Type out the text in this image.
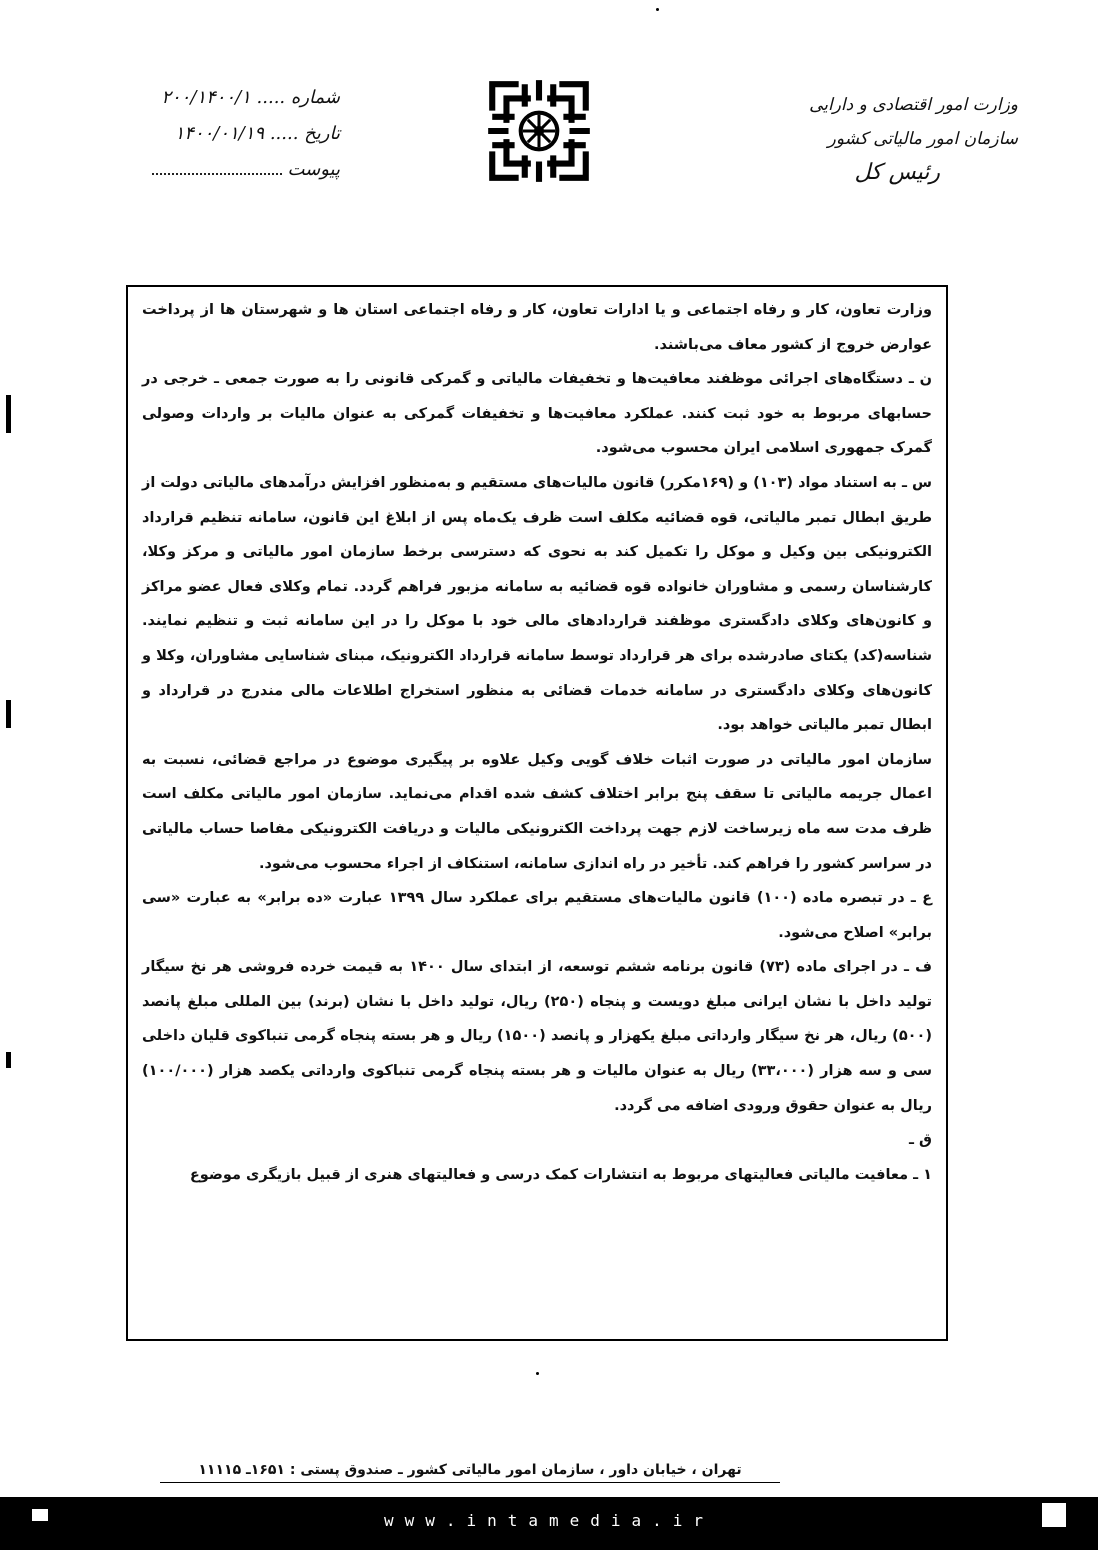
وزارت امور اقتصادی و دارایی
سازمان امور مالیاتی کشور
رئیس کل
شماره ..... ۲۰۰/۱۴۰۰/۱
تاریخ ..... ۱۴۰۰/۰۱/۱۹
پیوست

وزارت تعاون، کار و رفاه اجتماعی و یا ادارات تعاون، کار و رفاه اجتماعی استان ها و شهرستان ها از پرداخت عوارض خروج از کشور معاف می‌باشند.

ن ـ دستگاه‌های اجرائی موظفند معافیت‌ها و تخفیفات مالیاتی و گمرکی قانونی را به صورت جمعی ـ خرجی در حسابهای مربوط به خود ثبت کنند. عملکرد معافیت‌ها و تخفیفات گمرکی به عنوان مالیات بر واردات وصولی گمرک جمهوری اسلامی ایران محسوب می‌شود.

س ـ به استناد مواد (۱۰۳) و (۱۶۹مکرر) قانون مالیات‌های مستقیم و به‌منظور افزایش درآمدهای مالیاتی دولت از طریق ابطال تمبر مالیاتی، قوه قضائیه مکلف است ظرف یک‌ماه پس از ابلاغ این قانون، سامانه تنظیم قرارداد الکترونیکی بین وکیل و موکل را تکمیل کند به نحوی که دسترسی برخط سازمان امور مالیاتی و مرکز وکلا، کارشناسان رسمی و مشاوران خانواده قوه قضائیه به سامانه مزبور فراهم گردد. تمام وکلای فعال عضو مراکز و کانون‌های وکلای دادگستری موظفند قراردادهای مالی خود با موکل را در این سامانه ثبت و تنظیم نمایند. شناسه(کد) یکتای صادرشده برای هر قرارداد توسط سامانه قرارداد الکترونیک، مبنای شناسایی مشاوران، وکلا و کانون‌های وکلای دادگستری در سامانه خدمات قضائی به منظور استخراج اطلاعات مالی مندرج در قرارداد و ابطال تمبر مالیاتی خواهد بود.

سازمان امور مالیاتی در صورت اثبات خلاف گویی وکیل علاوه بر پیگیری موضوع در مراجع قضائی، نسبت به اعمال جریمه مالیاتی تا سقف پنج برابر اختلاف کشف شده اقدام می‌نماید. سازمان امور مالیاتی مکلف است ظرف مدت سه ماه زیرساخت لازم جهت پرداخت الکترونیکی مالیات و دریافت الکترونیکی مفاصا حساب مالیاتی در سراسر کشور را فراهم کند. تأخیر در راه اندازی سامانه، استنکاف از اجراء محسوب می‌شود.

ع ـ در تبصره ماده (۱۰۰) قانون مالیات‌های مستقیم برای عملکرد سال ۱۳۹۹ عبارت «ده برابر» به عبارت «سی برابر» اصلاح می‌شود.

ف ـ در اجرای ماده (۷۳) قانون برنامه ششم توسعه، از ابتدای سال ۱۴۰۰ به قیمت خرده فروشی هر نخ سیگار تولید داخل با نشان ایرانی مبلغ دویست و پنجاه (۲۵۰) ریال، تولید داخل با نشان (برند) بین المللی مبلغ پانصد (۵۰۰) ریال، هر نخ سیگار وارداتی مبلغ یکهزار و پانصد (۱۵۰۰) ریال و هر بسته پنجاه گرمی تنباکوی قلیان داخلی سی و سه هزار (۳۳،۰۰۰) ریال به عنوان مالیات و هر بسته پنجاه گرمی تنباکوی وارداتی یکصد هزار (۱۰۰/۰۰۰) ریال به عنوان حقوق ورودی اضافه می گردد.

ق ـ

۱ ـ معافیت مالیاتی فعالیتهای مربوط به انتشارات کمک درسی و فعالیتهای هنری از قبیل بازیگری موضوع

تهران ، خیابان داور ، سازمان امور مالیاتی کشور ـ صندوق پستی : ۱۶۵۱ـ ۱۱۱۱۵
www.intamedia.ir
